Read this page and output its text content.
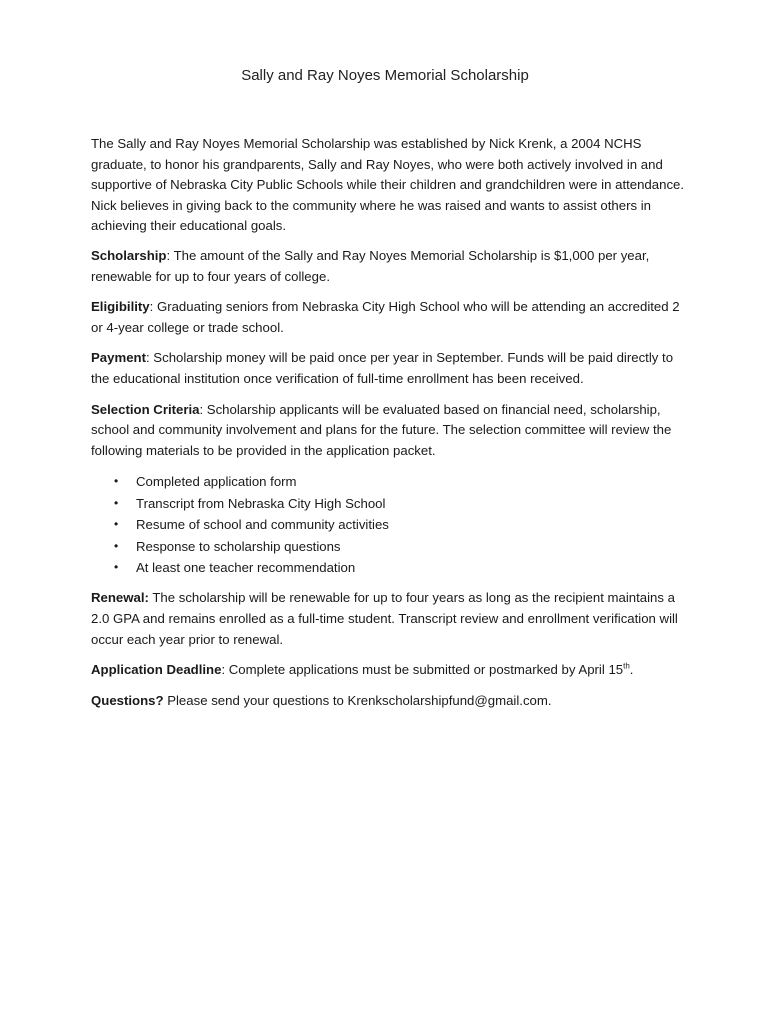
Sally and Ray Noyes Memorial Scholarship

The Sally and Ray Noyes Memorial Scholarship was established by Nick Krenk, a 2004 NCHS graduate, to honor his grandparents, Sally and Ray Noyes, who were both actively involved in and supportive of Nebraska City Public Schools while their children and grandchildren were in attendance. Nick believes in giving back to the community where he was raised and wants to assist others in achieving their educational goals.

Scholarship: The amount of the Sally and Ray Noyes Memorial Scholarship is $1,000 per year, renewable for up to four years of college.

Eligibility: Graduating seniors from Nebraska City High School who will be attending an accredited 2 or 4-year college or trade school.

Payment: Scholarship money will be paid once per year in September. Funds will be paid directly to the educational institution once verification of full-time enrollment has been received.

Selection Criteria: Scholarship applicants will be evaluated based on financial need, scholarship, school and community involvement and plans for the future. The selection committee will review the following materials to be provided in the application packet.

• Completed application form
• Transcript from Nebraska City High School
• Resume of school and community activities
• Response to scholarship questions
• At least one teacher recommendation

Renewal: The scholarship will be renewable for up to four years as long as the recipient maintains a 2.0 GPA and remains enrolled as a full-time student. Transcript review and enrollment verification will occur each year prior to renewal.

Application Deadline: Complete applications must be submitted or postmarked by April 15th.

Questions? Please send your questions to Krenkscholarshipfund@gmail.com.
